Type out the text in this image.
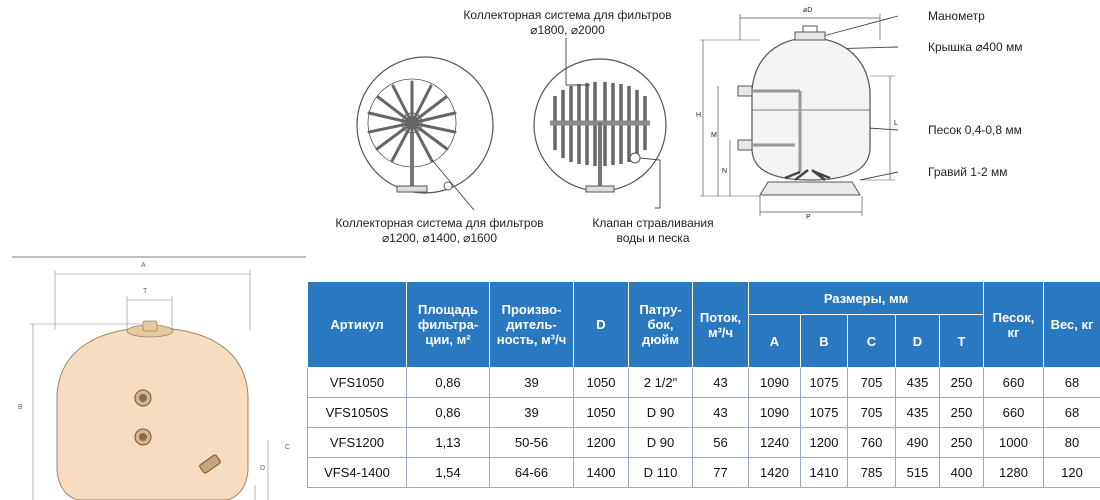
Коллекторная система для фильтров
⌀1800, ⌀2000
Коллекторная система для фильтров
⌀1200, ⌀1400, ⌀1600
Клапан стравливания
воды и песка
Манометр
Крышка ⌀400 мм
Песок 0,4-0,8 мм
Гравий 1-2 мм
⌀D
H
M
N
L
P
A
T
B
C
D
Артикул	Площадь фильтра-ции, м²	Произво-дитель-ность, м³/ч	D	Патру-бок, дюйм	Поток, м³/ч	Размеры, мм					Песок, кг	Вес, кг
						A	B	C	D	T		
VFS1050	0,86	39	1050	2 1/2"	43	1090	1075	705	435	250	660	68
VFS1050S	0,86	39	1050	D 90	43	1090	1075	705	435	250	660	68
VFS1200	1,13	50-56	1200	D 90	56	1240	1200	760	490	250	1000	80
VFS4-1400	1,54	64-66	1400	D 110	77	1420	1410	785	515	400	1280	120
